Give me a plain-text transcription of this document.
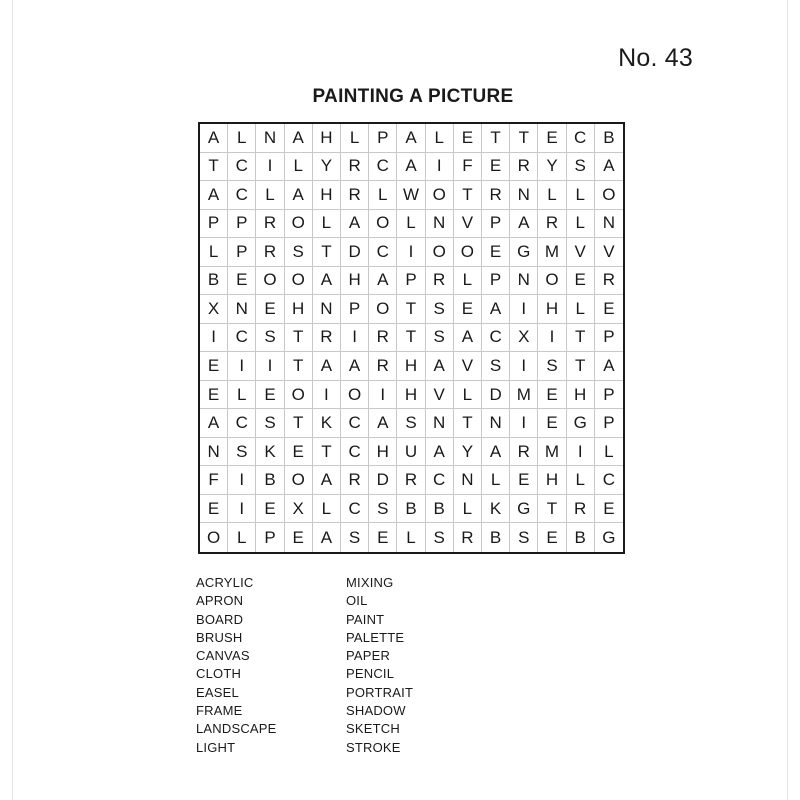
No. 43
PAINTING A PICTURE
A	L	N A H	L	P A	L	E	T	T	E C B
T C	I	L	Y R C A	I	F	E R Y S	A
A C	L	A H R	L W O T R N	L	L	O
P P R O L	A O L	N V P A R	L	N
L	P R S	T D C	I	O O E G M V	V
B E O O A H A P R	L	P N O E R
X N E H N P O T	S E A	I	H	L	E
I	C S	T R	I	R T	S A C X	I	T	P
E	I	I	T	A A R H A V S	I	S	T	A
E	L	E O	I	O	I	H V	L	D M E H P
A C S	T	K C A S N T N	I	E G P
N S K E	T C H U A Y A R M	I	L
F	I	B O A R D R C N	L	E H	L	C
E	I	E X	L	C S B B	L	K G T R E
O L	P E A S E	L	S R B S E B G
ACRYLIC
APRON
BOARD
BRUSH
CANVAS
CLOTH
EASEL
FRAME
LANDSCAPE
LIGHT
MIXING
OIL
PAINT
PALETTE
PAPER
PENCIL
PORTRAIT
SHADOW
SKETCH
STROKE
